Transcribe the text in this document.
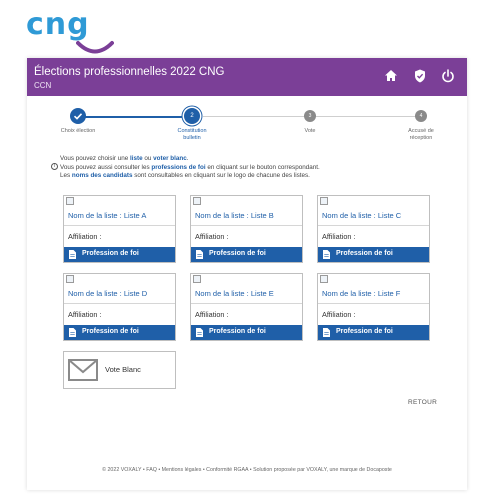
cng
Élections professionnelles 2022 CNG
CCN
2	3	4
Choix élection	Constitution bulletin
Vote	Accusé de réception
i
Vous pouvez choisir une liste ou voter blanc.
Vous pouvez aussi consulter les professions de foi en cliquant sur le bouton correspondant.
Les noms des candidats sont consultables en cliquant sur le logo de chacune des listes.
Nom de la liste : Liste A
Affiliation :
Profession de foi
Nom de la liste : Liste B
Affiliation :
Profession de foi
Nom de la liste : Liste C
Affiliation :
Profession de foi
Nom de la liste : Liste D
Affiliation :
Profession de foi
Nom de la liste : Liste E
Affiliation :
Profession de foi
Nom de la liste : Liste F
Affiliation :
Profession de foi
Vote Blanc
RETOUR
© 2022 VOXALY • FAQ • Mentions légales • Conformité RGAA • Solution proposée par VOXALY, une marque de Docaposte
